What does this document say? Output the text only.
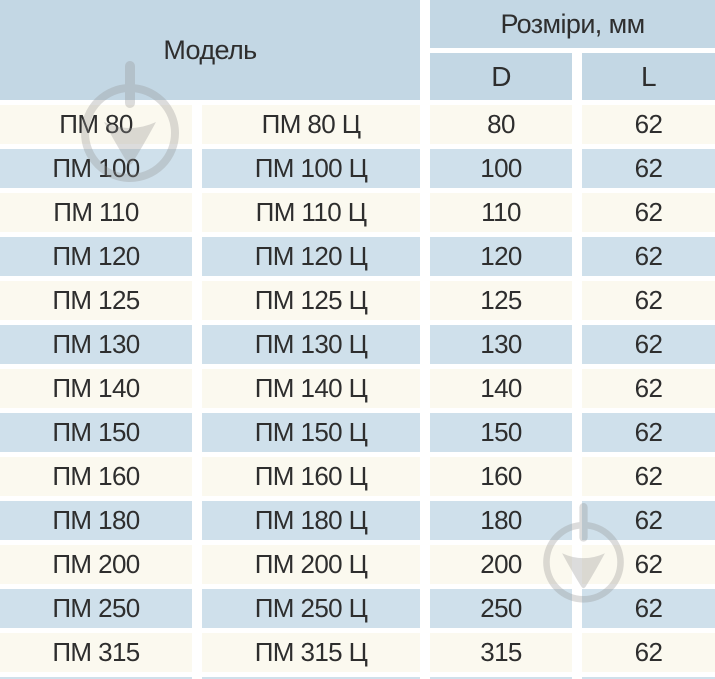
Модель
Розміри, мм
D	L
ПМ 80	ПМ 80 Ц	80	62
ПМ 100	ПМ 100 Ц	100	62
ПМ 110	ПМ 110 Ц	110	62
ПМ 120	ПМ 120 Ц	120	62
ПМ 125	ПМ 125 Ц	125	62
ПМ 130	ПМ 130 Ц	130	62
ПМ 140	ПМ 140 Ц	140	62
ПМ 150	ПМ 150 Ц	150	62
ПМ 160	ПМ 160 Ц	160	62
ПМ 180	ПМ 180 Ц	180	62
ПМ 200	ПМ 200 Ц	200	62
ПМ 250	ПМ 250 Ц	250	62
ПМ 315	ПМ 315 Ц	315	62
